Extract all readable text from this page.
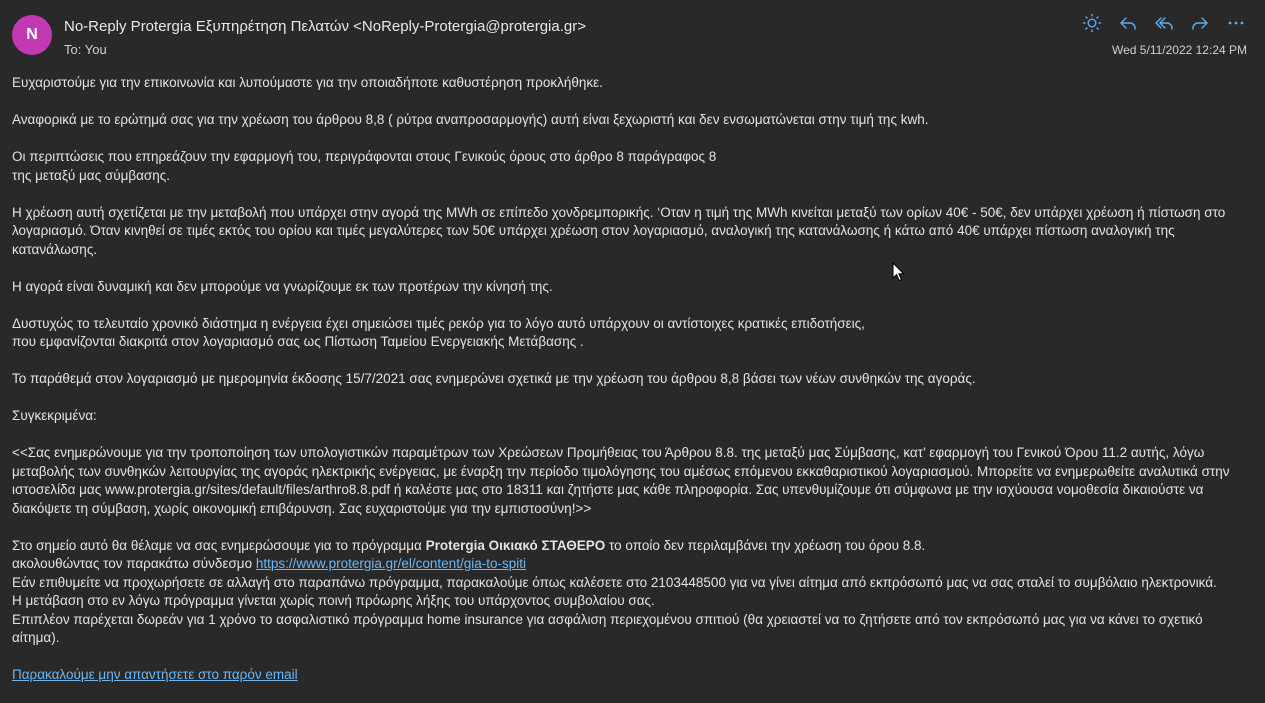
N	No-Reply Protergia Εξυπηρέτηση Πελατών <NoReply-Protergia@protergia.gr>
To: You	Wed 5/11/2022 12:24 PM

Ευχαριστούμε για την επικοινωνία και λυπούμαστε για την οποιαδήποτε καθυστέρηση προκλήθηκε.

Αναφορικά με το ερώτημά σας για την χρέωση του άρθρου 8,8 ( ρύτρα αναπροσαρμογής) αυτή είναι ξεχωριστή και δεν ενσωματώνεται στην τιμή της kwh.

Οι περιπτώσεις που επηρεάζουν την εφαρμογή του, περιγράφονται στους Γενικούς όρους στο άρθρο 8 παράγραφος 8

της μεταξύ μας σύμβασης.

Η χρέωση αυτή σχετίζεται με την μεταβολή που υπάρχει στην αγορά της MWh σε επίπεδο χονδρεμπορικής. ‘Οταν η τιμή της MWh κινείται μεταξύ των ορίων 40€ - 50€, δεν υπάρχει χρέωση ή πίστωση στο λογαριασμό. Όταν κινηθεί σε τιμές εκτός του ορίου και τιμές μεγαλύτερες των 50€ υπάρχει χρέωση στον λογαριασμό, αναλογική της κατανάλωσης ή κάτω από 40€ υπάρχει πίστωση αναλογική της κατανάλωσης.

Η αγορά είναι δυναμική και δεν μπορούμε να γνωρίζουμε εκ των προτέρων την κίνησή της.

Δυστυχώς το τελευταίο χρονικό διάστημα η ενέργεια έχει σημειώσει τιμές ρεκόρ για το λόγο αυτό υπάρχουν οι αντίστοιχες κρατικές επιδοτήσεις,

που εμφανίζονται διακριτά στον λογαριασμό σας ως Πίστωση Ταμείου Ενεργειακής Μετάβασης .

Το παράθεμά στον λογαριασμό με ημερομηνία έκδοσης 15/7/2021 σας ενημερώνει σχετικά με την χρέωση του άρθρου 8,8 βάσει των νέων συνθηκών της αγοράς.

Συγκεκριμένα:

<<Σας ενημερώνουμε για την τροποποίηση των υπολογιστικών παραμέτρων των Χρεώσεων Προμήθειας του Άρθρου 8.8. της μεταξύ μας Σύμβασης, κατ’ εφαρμογή του Γενικού Όρου 11.2 αυτής, λόγω μεταβολής των συνθηκών λειτουργίας της αγοράς ηλεκτρικής ενέργειας, με έναρξη την περίοδο τιμολόγησης του αμέσως επόμενου εκκαθαριστικού λογαριασμού. Μπορείτε να ενημερωθείτε αναλυτικά στην ιστοσελίδα μας www.protergia.gr/sites/default/files/arthro8.8.pdf ή καλέστε μας στο 18311 και ζητήστε μας κάθε πληροφορία. Σας υπενθυμίζουμε ότι σύμφωνα με την ισχύουσα νομοθεσία δικαιούστε να διακόψετε τη σύμβαση, χωρίς οικονομική επιβάρυνση. Σας ευχαριστούμε για την εμπιστοσύνη!>>

Στο σημείο αυτό θα θέλαμε να σας ενημερώσουμε για το πρόγραμμα Protergia Οικιακό ΣΤΑΘΕΡΟ το οποίο δεν περιλαμβάνει την χρέωση του όρου 8.8.

ακολουθώντας τον παρακάτω σύνδεσμο https://www.protergia.gr/el/content/gia-to-spiti

Εάν επιθυμείτε να προχωρήσετε σε αλλαγή στο παραπάνω πρόγραμμα, παρακαλούμε όπως καλέσετε στο 2103448500 για να γίνει αίτημα από εκπρόσωπό μας να σας σταλεί το συμβόλαιο ηλεκτρονικά.

Η μετάβαση στο εν λόγω πρόγραμμα γίνεται χωρίς ποινή πρόωρης λήξης του υπάρχοντος συμβολαίου σας.

Επιπλέον παρέχεται δωρεάν για 1 χρόνο το ασφαλιστικό πρόγραμμα home insurance για ασφάλιση περιεχομένου σπιτιού (θα χρειαστεί να το ζητήσετε από τον εκπρόσωπό μας για να κάνει το σχετικό αίτημα).

Παρακαλούμε μην απαντήσετε στο παρόν email
